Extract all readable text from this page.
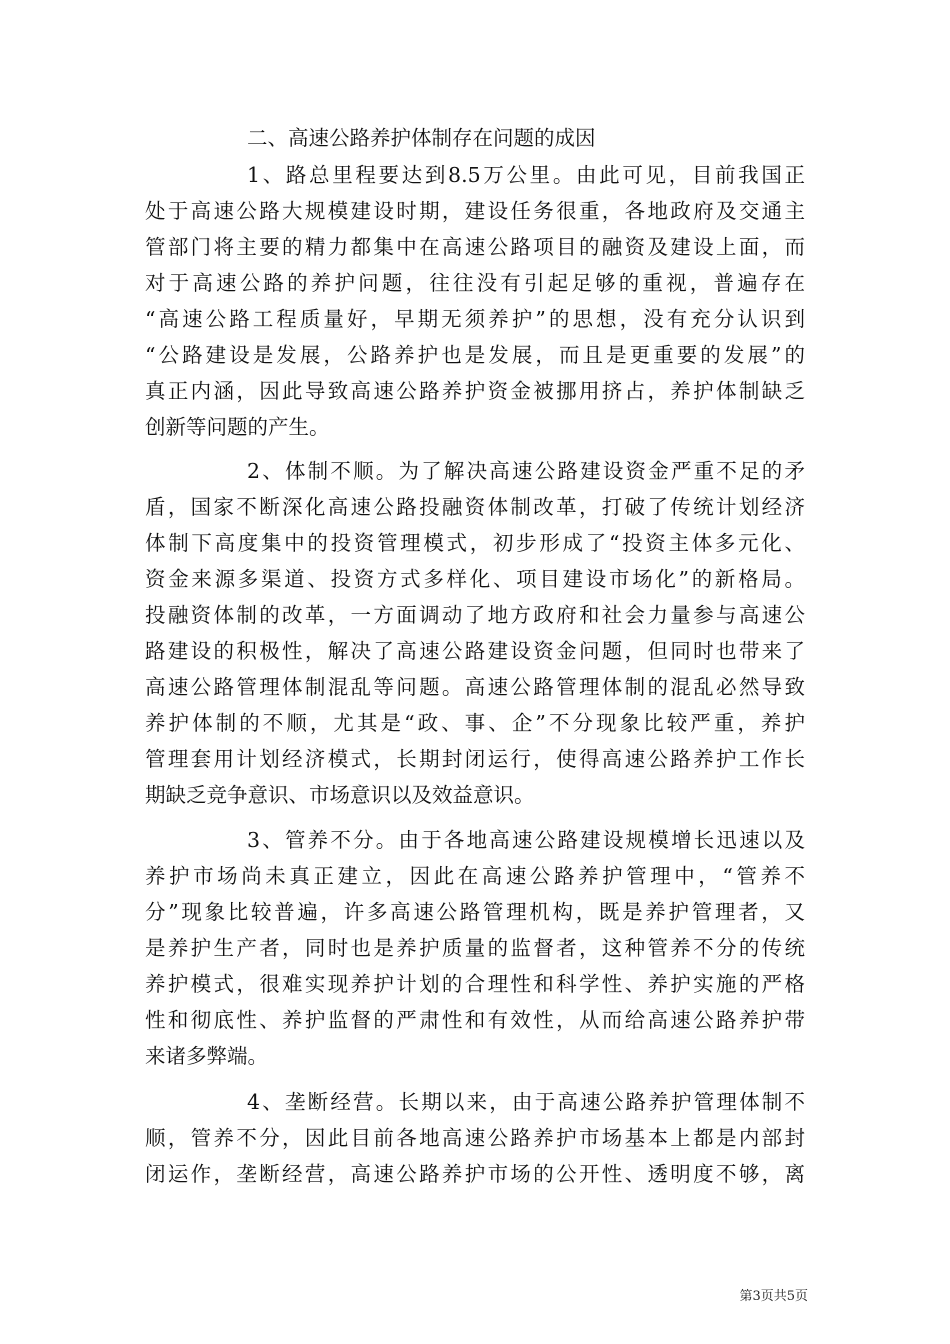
二、高速公路养护体制存在问题的成因
1、路总里程要达到8.5万公里。由此可见，目前我国正
处于高速公路大规模建设时期，建设任务很重，各地政府及交通主
管部门将主要的精力都集中在高速公路项目的融资及建设上面，而
对于高速公路的养护问题，往往没有引起足够的重视，普遍存在
“高速公路工程质量好，早期无须养护”的思想，没有充分认识到
“公路建设是发展，公路养护也是发展，而且是更重要的发展”的
真正内涵，因此导致高速公路养护资金被挪用挤占，养护体制缺乏
创新等问题的产生。
2、体制不顺。为了解决高速公路建设资金严重不足的矛
盾，国家不断深化高速公路投融资体制改革，打破了传统计划经济
体制下高度集中的投资管理模式，初步形成了“投资主体多元化、
资金来源多渠道、投资方式多样化、项目建设市场化”的新格局。
投融资体制的改革，一方面调动了地方政府和社会力量参与高速公
路建设的积极性，解决了高速公路建设资金问题，但同时也带来了
高速公路管理体制混乱等问题。高速公路管理体制的混乱必然导致
养护体制的不顺，尤其是“政、事、企”不分现象比较严重，养护
管理套用计划经济模式，长期封闭运行，使得高速公路养护工作长
期缺乏竞争意识、市场意识以及效益意识。
3、管养不分。由于各地高速公路建设规模增长迅速以及
养护市场尚未真正建立，因此在高速公路养护管理中，“管养不
分”现象比较普遍，许多高速公路管理机构，既是养护管理者，又
是养护生产者，同时也是养护质量的监督者，这种管养不分的传统
养护模式，很难实现养护计划的合理性和科学性、养护实施的严格
性和彻底性、养护监督的严肃性和有效性，从而给高速公路养护带
来诸多弊端。
4、垄断经营。长期以来，由于高速公路养护管理体制不
顺，管养不分，因此目前各地高速公路养护市场基本上都是内部封
闭运作，垄断经营，高速公路养护市场的公开性、透明度不够，离
第3页共5页
